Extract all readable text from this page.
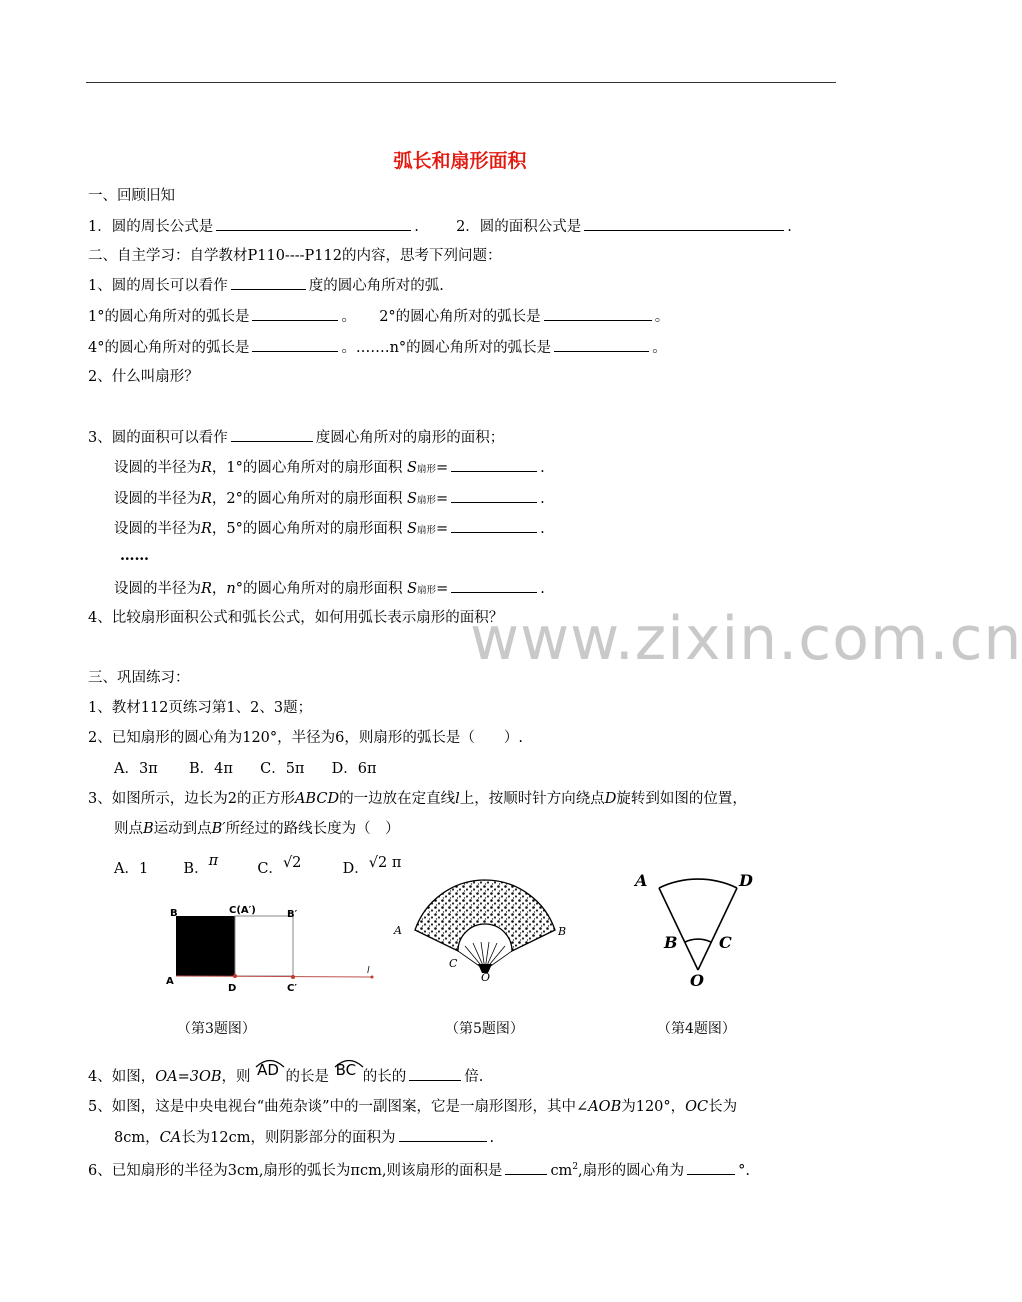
弧长和扇形面积
www.zixin.com.cn
一、回顾旧知
1．圆的周长公式是	.	2．圆的面积公式是	.
二、自主学习：自学教材P110----P112的内容，思考下列问题：
1、圆的周长可以看作	度的圆心角所对的弧.
1°的圆心角所对的弧长是	。 2°的圆心角所对的弧长是	。
4°的圆心角所对的弧长是	。.……n°的圆心角所对的弧长是	。
2、什么叫扇形？
3、圆的面积可以看作	度圆心角所对的扇形的面积；
设圆的半径为R，1°的圆心角所对的扇形面积 S扇形=	.
设圆的半径为R，2°的圆心角所对的扇形面积 S扇形=	.
设圆的半径为R，5°的圆心角所对的扇形面积 S扇形=	.
……
设圆的半径为R，n°的圆心角所对的扇形面积 S扇形=	.
4、比较扇形面积公式和弧长公式，如何用弧长表示扇形的面积？
三、巩固练习：
1、教材112页练习第1、2、3题；
2、已知扇形的圆心角为120°，半径为6，则扇形的弧长是（　　）.
A．3π B．4π C．5π D．6π
3、如图所示，边长为2的正方形ABCD的一边放在定直线l上，按顺时针方向绕点D旋转到如图的位置，
则点B运动到点B′所经过的路线长度为（　）
A．1 B．π	C．√2	D．√2 π
B	C(A′)	B′
A
D	C′
l
A	B
C
O
A	D
B	C
O
（第3题图）	（第5题图）	（第4题图）
4、如图，OA=3OB，则 AD 的长是 BC 的长的	倍.
5、如图，这是中央电视台“曲苑杂谈”中的一副图案，它是一扇形图形，其中∠AOB为120°，OC长为
8cm，CA长为12cm，则阴影部分的面积为	.
6、已知扇形的半径为3cm,扇形的弧长为πcm,则该扇形的面积是	$cm^2$,扇形的圆心角为	°.
